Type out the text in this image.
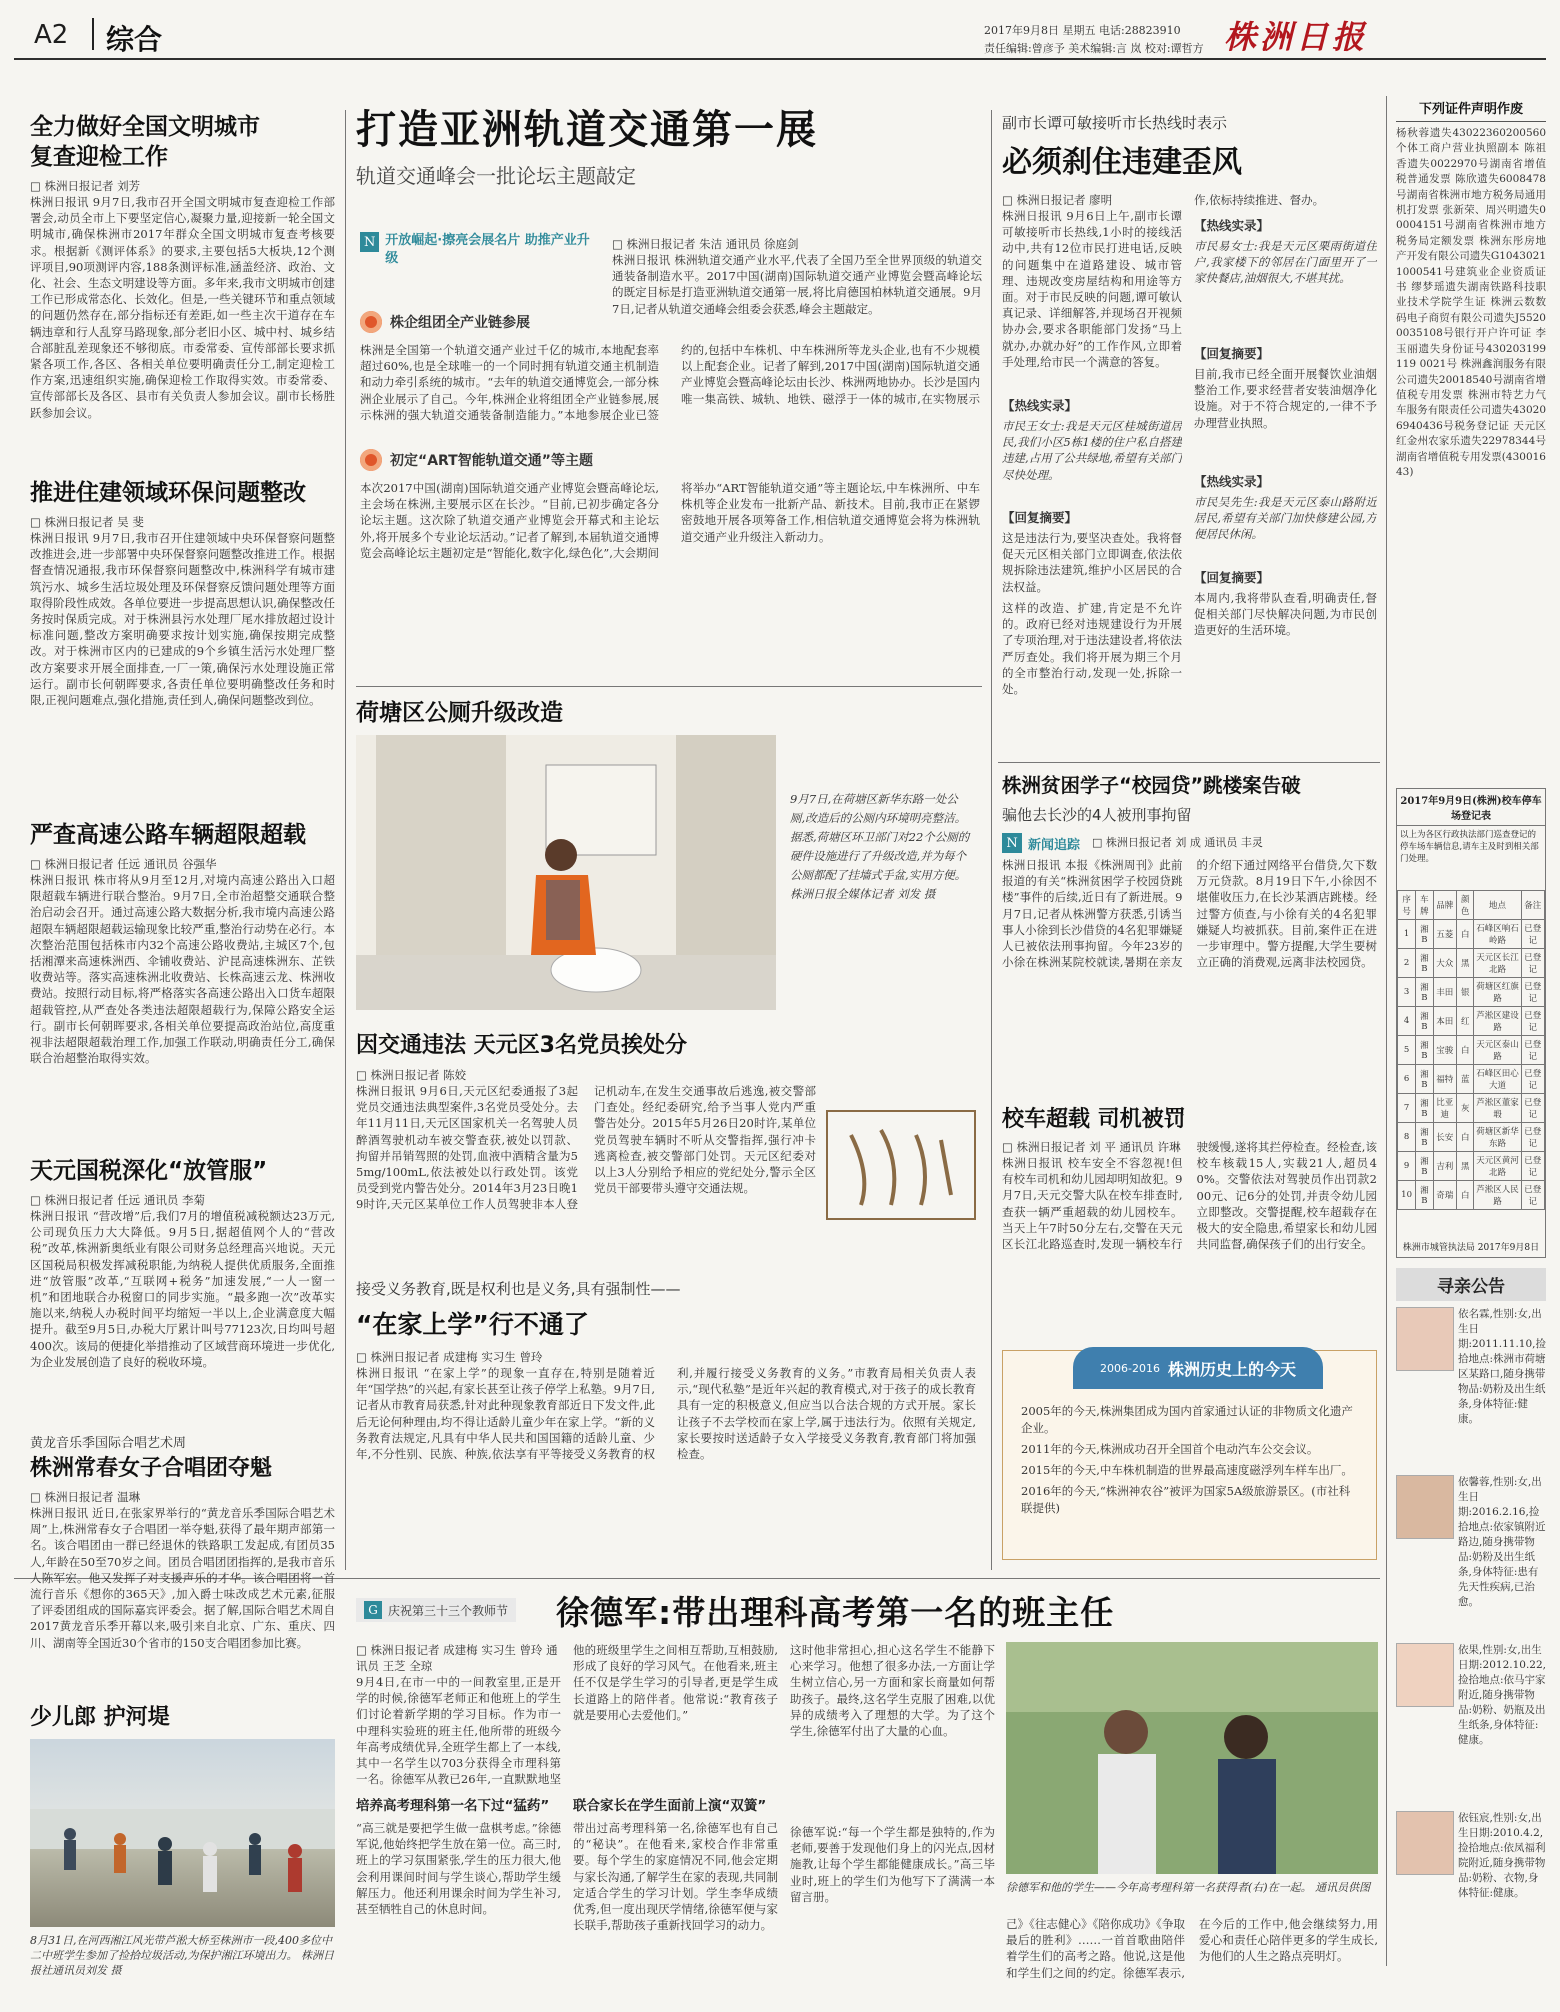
A2 综合	2017年9月8日 星期五 电话:28823910
责任编辑:曾彦予 美术编辑:言 岚 校对:谭哲方 株洲日报
全力做好全国文明城市
复查迎检工作
□ 株洲日报记者 刘芳
株洲日报讯 9月7日,我市召开全国文明城市复查迎检工作部署会,动员全市上下要坚定信心,凝聚力量,迎接新一轮全国文明城市,确保株洲市2017年群众全国文明城市复查考核要求。根据新《测评体系》的要求,主要包括5大板块,12个测评项目,90项测评内容,188条测评标准,涵盖经济、政治、文化、社会、生态文明建设等方面。多年来,我市文明城市创建工作已形成常态化、长效化。但是,一些关键环节和重点领域的问题仍然存在,部分指标还有差距,如一些主次干道存在车辆违章和行人乱穿马路现象,部分老旧小区、城中村、城乡结合部脏乱差现象还不够彻底。市委常委、宣传部部长要求抓紧各项工作,各区、各相关单位要明确责任分工,制定迎检工作方案,迅速组织实施,确保迎检工作取得实效。市委常委、宣传部部长及各区、县市有关负责人参加会议。副市长杨胜跃参加会议。
推进住建领域环保问题整改
□ 株洲日报记者 吴 斐
株洲日报讯 9月7日,我市召开住建领域中央环保督察问题整改推进会,进一步部署中央环保督察问题整改推进工作。根据督查情况通报,我市环保督察问题整改中,株洲科学有城市建筑污水、城乡生活垃圾处理及环保督察反馈问题处理等方面取得阶段性成效。各单位要进一步提高思想认识,确保整改任务按时保质完成。对于株洲县污水处理厂尾水排放超过设计标准问题,整改方案明确要求按计划实施,确保按期完成整改。对于株洲市区内的已建成的9个乡镇生活污水处理厂整改方案要求开展全面排查,一厂一策,确保污水处理设施正常运行。副市长何朝晖要求,各责任单位要明确整改任务和时限,正视问题难点,强化措施,责任到人,确保问题整改到位。
严查高速公路车辆超限超载
□ 株洲日报记者 任远 通讯员 谷强华
株洲日报讯 株市将从9月至12月,对境内高速公路出入口超限超载车辆进行联合整治。9月7日,全市治超整交通联合整治启动会召开。通过高速公路大数据分析,我市境内高速公路超限车辆超限超载运输现象比较严重,整治行动势在必行。本次整治范围包括株市内32个高速公路收费站,主城区7个,包括湘潭来高速株洲西、伞铺收费站、沪昆高速株洲东、芷铁收费站等。落实高速株洲北收费站、长株高速云龙、株洲收费站。按照行动目标,将严格落实各高速公路出入口货车超限超载管控,从严查处各类违法超限超载行为,保障公路安全运行。副市长何朝晖要求,各相关单位要提高政治站位,高度重视非法超限超载治理工作,加强工作联动,明确责任分工,确保联合治超整治取得实效。
天元国税深化“放管服”
□ 株洲日报记者 任远 通讯员 李菊
株洲日报讯 “营改增”后,我们7月的增值税减税额达23万元,公司现负压力大大降低。9月5日,据超值网个人的“营改税”改革,株洲新奥纸业有限公司财务总经理高兴地说。天元区国税局积极发挥减税职能,为纳税人提供优质服务,全面推进“放管服”改革,“互联网+税务”加速发展,“一人一窗一机”和团地联合办税窗口的同步实施。“最多跑一次”改革实施以来,纳税人办税时间平均缩短一半以上,企业满意度大幅提升。截至9月5日,办税大厅累计叫号77123次,日均叫号超400次。该局的便捷化举措推动了区域营商环境进一步优化,为企业发展创造了良好的税收环境。
黄龙音乐季国际合唱艺术周
株洲常春女子合唱团夺魁
□ 株洲日报记者 温琳
株洲日报讯 近日,在张家界举行的“黄龙音乐季国际合唱艺术周”上,株洲常春女子合唱团一举夺魁,获得了最年期声部第一名。该合唱团由一群已经退休的铁路职工发起成,有团员35人,年龄在50至70岁之间。团员合唱团团指挥的,是我市音乐人陈军宏。他又发挥了对支援声乐的才华。该合唱团将一首流行音乐《想你的365天》,加入爵士味改成艺术元素,征服了评委团组成的国际嘉宾评委会。据了解,国际合唱艺术周自2017黄龙音乐季开幕以来,吸引来自北京、广东、重庆、四川、湖南等全国近30个省市的150支合唱团参加比赛。
少儿郎 护河堤
8月31日,在河西湘江风光带芦淞大桥至株洲市一段,400多位中二中班学生参加了捡拾垃圾活动,为保护湘江环境出力。 株洲日报社通讯员刘发 摄
打造亚洲轨道交通第一展
轨道交通峰会一批论坛主题敲定
N 开放崛起·擦亮会展名片 助推产业升级
□ 株洲日报记者 朱洁 通讯员 徐庭剑
株洲日报讯 株洲轨道交通产业水平,代表了全国乃至全世界顶级的轨道交通装备制造水平。2017中国(湖南)国际轨道交通产业博览会暨高峰论坛的既定目标是打造亚洲轨道交通第一展,将比肩德国柏林轨道交通展。9月7日,记者从轨道交通峰会组委会获悉,峰会主题敲定。
株企组团全产业链参展
株洲是全国第一个轨道交通产业过千亿的城市,本地配套率超过60%,也是全球唯一的一个同时拥有轨道交通主机制造和动力牵引系统的城市。“去年的轨道交通博览会,一部分株洲企业展示了自己。今年,株洲企业将组团全产业链参展,展示株洲的强大轨道交通装备制造能力。”本地参展企业已签约的,包括中车株机、中车株洲所等龙头企业,也有不少规模以上配套企业。记者了解到,2017中国(湖南)国际轨道交通产业博览会暨高峰论坛由长沙、株洲两地协办。长沙是国内唯一集高铁、城轨、地铁、磁浮于一体的城市,在实物展示
初定“ART智能轨道交通”等主题
本次2017中国(湖南)国际轨道交通产业博览会暨高峰论坛,主会场在株洲,主要展示区在长沙。“目前,已初步确定各分论坛主题。这次除了轨道交通产业博览会开幕式和主论坛外,将开展多个专业论坛活动。”记者了解到,本届轨道交通博览会高峰论坛主题初定是“智能化,数字化,绿色化”,大会期间将举办“ART智能轨道交通”等主题论坛,中车株洲所、中车株机等企业发布一批新产品、新技术。目前,我市正在紧锣密鼓地开展各项筹备工作,相信轨道交通博览会将为株洲轨道交通产业升级注入新动力。
荷塘区公厕升级改造
9月7日,在荷塘区新华东路一处公厕,改造后的公厕内环境明亮整洁。据悉,荷塘区环卫部门对22个公厕的硬件设施进行了升级改造,并为每个公厕都配了挂墙式手盆,实用方便。 株洲日报全媒体记者 刘发 摄
因交通违法 天元区3名党员挨处分
□ 株洲日报记者 陈姣
株洲日报讯 9月6日,天元区纪委通报了3起党员交通违法典型案件,3名党员受处分。去年11月11日,天元区国家机关一名驾驶人员醉酒驾驶机动车被交警查获,被处以罚款、拘留并吊销驾照的处罚,血液中酒精含量为55mg/100mL,依法被处以行政处罚。该党员受到党内警告处分。2014年3月23日晚19时许,天元区某单位工作人员驾驶非本人登记机动车,在发生交通事故后逃逸,被交警部门查处。经纪委研究,给予当事人党内严重警告处分。2015年5月26日20时许,某单位党员驾驶车辆时不听从交警指挥,强行冲卡逃离检查,被交警部门处罚。天元区纪委对以上3人分别给予相应的党纪处分,警示全区党员干部要带头遵守交通法规。
接受义务教育,既是权利也是义务,具有强制性——
“在家上学”行不通了
□ 株洲日报记者 成建梅 实习生 曾玲
株洲日报讯 “在家上学”的现象一直存在,特别是随着近年“国学热”的兴起,有家长甚至让孩子停学上私塾。9月7日,记者从市教育局获悉,针对此种现象教育部近日下发文件,此后无论何种理由,均不得让适龄儿童少年在家上学。“新的义务教育法规定,凡具有中华人民共和国国籍的适龄儿童、少年,不分性别、民族、种族,依法享有平等接受义务教育的权利,并履行接受义务教育的义务。”市教育局相关负责人表示,“现代私塾”是近年兴起的教育模式,对于孩子的成长教育具有一定的积极意义,但应当以合法合规的方式开展。家长让孩子不去学校而在家上学,属于违法行为。依照有关规定,家长要按时送适龄子女入学接受义务教育,教育部门将加强检查。
副市长谭可敏接听市长热线时表示
必须刹住违建歪风
□ 株洲日报记者 廖明
株洲日报讯 9月6日上午,副市长谭可敏接听市长热线,1小时的接线活动中,共有12位市民打进电话,反映的问题集中在道路建设、城市管理、违规改变房屋结构和用途等方面。对于市民反映的问题,谭可敏认真记录、详细解答,并现场召开视频协办会,要求各职能部门发扬“马上就办,办就办好”的工作作风,立即着手处理,给市民一个满意的答复。
【热线实录】
市民王女士:我是天元区桂城街道居民,我们小区5栋1楼的住户私自搭建违建,占用了公共绿地,希望有关部门尽快处理。
【回复摘要】
这是违法行为,要坚决查处。我将督促天元区相关部门立即调查,依法依规拆除违法建筑,维护小区居民的合法权益。
这样的改造、扩建,肯定是不允许的。政府已经对违规建设行为开展了专项治理,对于违法建设者,将依法严厉查处。我们将开展为期三个月的全市整治行动,发现一处,拆除一处。
作,依标持续推进、督办。
【热线实录】
市民易女士:我是天元区栗雨街道住户,我家楼下的邻居在门面里开了一家快餐店,油烟很大,不堪其扰。
【回复摘要】
目前,我市已经全面开展餐饮业油烟整治工作,要求经营者安装油烟净化设施。对于不符合规定的,一律不予办理营业执照。
【热线实录】
市民吴先生:我是天元区泰山路附近居民,希望有关部门加快修建公园,方便居民休闲。
【回复摘要】
本周内,我将带队查看,明确责任,督促相关部门尽快解决问题,为市民创造更好的生活环境。
株洲贫困学子“校园贷”跳楼案告破
骗他去长沙的4人被刑事拘留
N 新闻追踪 □ 株洲日报记者 刘 成 通讯员 丰灵
株洲日报讯 本报《株洲周刊》此前报道的有关“株洲贫困学子校园贷跳楼”事件的后续,近日有了新进展。9月7日,记者从株洲警方获悉,引诱当事人小徐到长沙借贷的4名犯罪嫌疑人已被依法刑事拘留。今年23岁的小徐在株洲某院校就读,暑期在亲友的介绍下通过网络平台借贷,欠下数万元贷款。8月19日下午,小徐因不堪催收压力,在长沙某酒店跳楼。经过警方侦查,与小徐有关的4名犯罪嫌疑人均被抓获。目前,案件正在进一步审理中。警方提醒,大学生要树立正确的消费观,远离非法校园贷。
校车超载 司机被罚
□ 株洲日报记者 刘 平 通讯员 许琳
株洲日报讯 校车安全不容忽视!但有校车司机和幼儿园却明知故犯。9月7日,天元交警大队在校车排查时,查获一辆严重超载的幼儿园校车。当天上午7时50分左右,交警在天元区长江北路巡查时,发现一辆校车行驶缓慢,遂将其拦停检查。经检查,该校车核载15人,实载21人,超员40%。交警依法对驾驶员作出罚款200元、记6分的处罚,并责令幼儿园立即整改。交警提醒,校车超载存在极大的安全隐患,希望家长和幼儿园共同监督,确保孩子们的出行安全。
2006-2016 株洲历史上的今天
2005年的今天,株洲集团成为国内首家通过认证的非物质文化遗产企业。
2011年的今天,株洲成功召开全国首个电动汽车公交会议。
2015年的今天,中车株机制造的世界最高速度磁浮列车样车出厂。
2016年的今天,“株洲神农谷”被评为国家5A级旅游景区。(市社科联提供)
下列证件声明作废
杨秋蓉遗失43022360200560个体工商户营业执照副本 陈祖香遗失0022970号湖南省增值税普通发票 陈欣遗失6008478号湖南省株洲市地方税务局通用机打发票 张新荣、周兴明遗失00004151号湖南省株洲市地方税务局定额发票 株洲东彤房地产开发有限公司遗失G10430211000541号建筑业企业资质证书 缪梦瑶遗失湖南铁路科技职业技术学院学生证 株洲云数数码电子商贸有限公司遗失J55200035108号银行开户许可证 李玉丽遗失身份证号430203199119 0021号 株洲鑫润服务有限公司遗失20018540号湖南省增值税专用发票 株洲市特艺力气车服务有限责任公司遗失430206940436号税务登记证 天元区红金州农家乐遗失22978344号湖南省增值税专用发票(43001643)
2017年9月9日(株洲)校车停车场登记表
以上为各区行政执法部门巡查登记的停车场车辆信息,请车主及时到相关部门处理。
序号	车牌	品牌	颜色	地点	备注
1	湘B	五菱	白	石峰区响石岭路	已登记
2	湘B	大众	黑	天元区长江北路	已登记
3	湘B	丰田	银	荷塘区红旗路	已登记
4	湘B	本田	红	芦淞区建设路	已登记
5	湘B	宝骏	白	天元区泰山路	已登记
6	湘B	福特	蓝	石峰区田心大道	已登记
7	湘B	比亚迪	灰	芦淞区董家塅	已登记
8	湘B	长安	白	荷塘区新华东路	已登记
9	湘B	吉利	黑	天元区黄河北路	已登记
10	湘B	奇瑞	白	芦淞区人民路	已登记
株洲市城管执法局 2017年9月8日
寻亲公告
依名霖,性别:女,出生日期:2011.11.10,捡拾地点:株洲市荷塘区某路口,随身携带物品:奶粉及出生纸条,身体特征:健康。
依馨蓉,性别:女,出生日期:2016.2.16,捡拾地点:依家镇附近路边,随身携带物品:奶粉及出生纸条,身体特征:患有先天性疾病,已治愈。
依果,性别:女,出生日期:2012.10.22,捡拾地点:依马宇家附近,随身携带物品:奶粉、奶瓶及出生纸条,身体特征:健康。
依钰宸,性别:女,出生日期:2010.4.2,捡拾地点:依凤福利院附近,随身携带物品:奶粉、衣物,身体特征:健康。
G 庆祝第三十三个教师节 徐德军:带出理科高考第一名的班主任
□ 株洲日报记者 成建梅 实习生 曾玲 通讯员 王芝 全琼
9月4日,在市一中的一间教室里,正是开学的时候,徐德军老师正和他班上的学生们讨论着新学期的学习目标。作为市一中理科实验班的班主任,他所带的班级今年高考成绩优异,全班学生都上了一本线,其中一名学生以703分获得全市理科第一名。徐德军从教已26年,一直默默地坚
培养高考理科第一名下过“猛药”
“高三就是要把学生做一盘棋考虑。”徐德军说,他始终把学生放在第一位。高三时,班上的学习氛围紧张,学生的压力很大,他会利用课间时间与学生谈心,帮助学生缓解压力。他还利用课余时间为学生补习,甚至牺牲自己的休息时间。
他的班级里学生之间相互帮助,互相鼓励,形成了良好的学习风气。在他看来,班主任不仅是学生学习的引导者,更是学生成长道路上的陪伴者。他常说:“教育孩子就是要用心去爱他们。”
联合家长在学生面前上演“双簧”
带出过高考理科第一名,徐德军也有自己的“秘诀”。在他看来,家校合作非常重要。每个学生的家庭情况不同,他会定期与家长沟通,了解学生在家的表现,共同制定适合学生的学习计划。学生李华成绩优秀,但一度出现厌学情绪,徐德军便与家长联手,帮助孩子重新找回学习的动力。
这时他非常担心,担心这名学生不能静下心来学习。他想了很多办法,一方面让学生树立信心,另一方面和家长商量如何帮助孩子。最终,这名学生克服了困难,以优异的成绩考入了理想的大学。为了这个学生,徐德军付出了大量的心血。
徐德军说:“每一个学生都是独特的,作为老师,要善于发现他们身上的闪光点,因材施教,让每个学生都能健康成长。”高三毕业时,班上的学生们为他写下了满满一本留言册。
徐德军和他的学生——今年高考理科第一名获得者(右)在一起。 通讯员供图
己》《往志健心》《陪你成功》《争取最后的胜利》……一首首歌曲陪伴着学生们的高考之路。他说,这是他和学生们之间的约定。徐德军表示,在今后的工作中,他会继续努力,用爱心和责任心陪伴更多的学生成长,为他们的人生之路点亮明灯。
